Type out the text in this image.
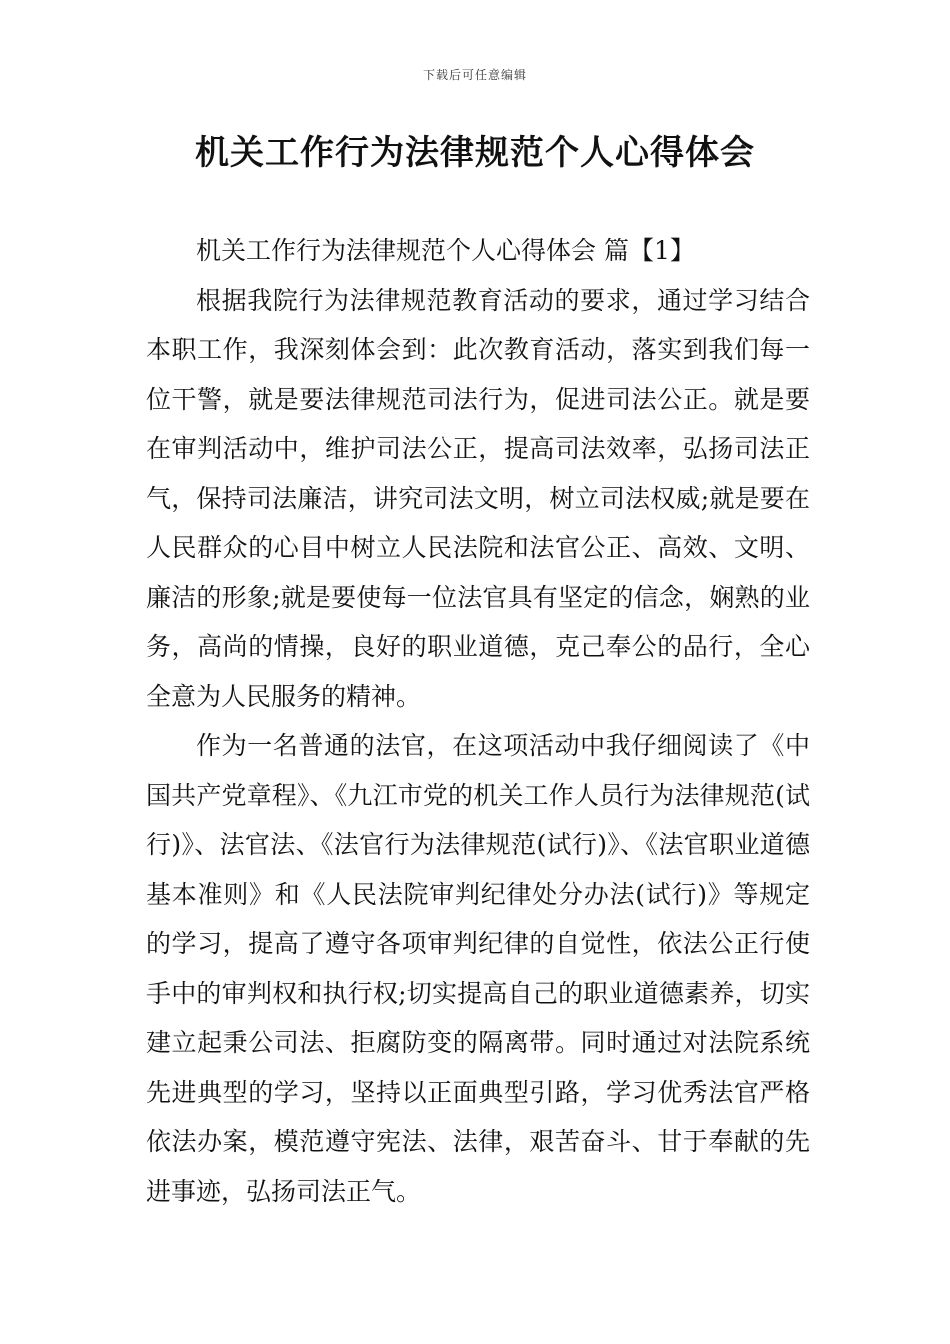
下载后可任意编辑
机关工作行为法律规范个人心得体会
机关工作行为法律规范个人心得体会 篇【1】

根据我院行为法律规范教育活动的要求，通过学习结合本职工作，我深刻体会到：此次教育活动，落实到我们每一位干警，就是要法律规范司法行为，促进司法公正。就是要在审判活动中，维护司法公正，提高司法效率，弘扬司法正气，保持司法廉洁，讲究司法文明，树立司法权威;就是要在人民群众的心目中树立人民法院和法官公正、高效、文明、廉洁的形象;就是要使每一位法官具有坚定的信念，娴熟的业务，高尚的情操，良好的职业道德，克己奉公的品行，全心全意为人民服务的精神。

作为一名普通的法官，在这项活动中我仔细阅读了《中国共产党章程》、《九江市党的机关工作人员行为法律规范(试行)》、法官法、《法官行为法律规范(试行)》、《法官职业道德基本准则》和《人民法院审判纪律处分办法(试行)》等规定的学习，提高了遵守各项审判纪律的自觉性，依法公正行使手中的审判权和执行权;切实提高自己的职业道德素养，切实建立起秉公司法、拒腐防变的隔离带。同时通过对法院系统先进典型的学习，坚持以正面典型引路，学习优秀法官严格依法办案，模范遵守宪法、法律，艰苦奋斗、甘于奉献的先进事迹，弘扬司法正气。
